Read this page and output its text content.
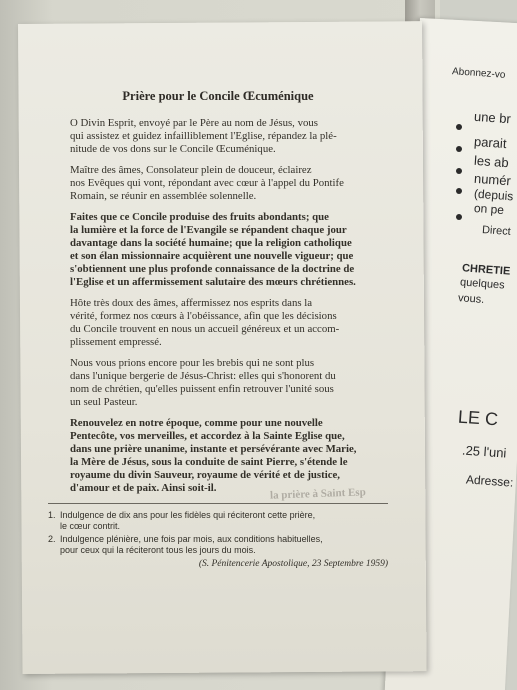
Prière pour le Concile Œcuménique
O Divin Esprit, envoyé par le Père au nom de Jésus, vous
qui assistez et guidez infailliblement l'Eglise, répandez la plé-
nitude de vos dons sur le Concile Œcuménique.
Maître des âmes, Consolateur plein de douceur, éclairez
nos Evêques qui vont, répondant avec cœur à l'appel du Pontife
Romain, se réunir en assemblée solennelle.
Faites que ce Concile produise des fruits abondants; que
la lumière et la force de l'Evangile se répandent chaque jour
davantage dans la société humaine; que la religion catholique
et son élan missionnaire acquièrent une nouvelle vigueur; que
s'obtiennent une plus profonde connaissance de la doctrine de
l'Eglise et un affermissement salutaire des mœurs chrétiennes.
Hôte très doux des âmes, affermissez nos esprits dans la
vérité, formez nos cœurs à l'obéissance, afin que les décisions
du Concile trouvent en nous un accueil généreux et un accom-
plissement empressé.
Nous vous prions encore pour les brebis qui ne sont plus
dans l'unique bergerie de Jésus-Christ: elles qui s'honorent du
nom de chrétien, qu'elles puissent enfin retrouver l'unité sous
un seul Pasteur.
Renouvelez en notre époque, comme pour une nouvelle
Pentecôte, vos merveilles, et accordez à la Sainte Eglise que,
dans une prière unanime, instante et persévérante avec Marie,
la Mère de Jésus, sous la conduite de saint Pierre, s'étende le
royaume du divin Sauveur, royaume de vérité et de justice,
d'amour et de paix. Ainsi soit-il.
1. Indulgence de dix ans pour les fidèles qui réciteront cette prière,
le cœur contrit.
2. Indulgence plénière, une fois par mois, aux conditions habituelles,
pour ceux qui la réciteront tous les jours du mois.
(S. Pénitencerie Apostolique, 23 Septembre 1959)
la prière à Saint Esp
Abonnez-vo
une br
parait
les ab
numér
(depuis
on pe
Direct
CHRETIE
quelques
vous.
LE C
.25 l'uni
Adresse:
